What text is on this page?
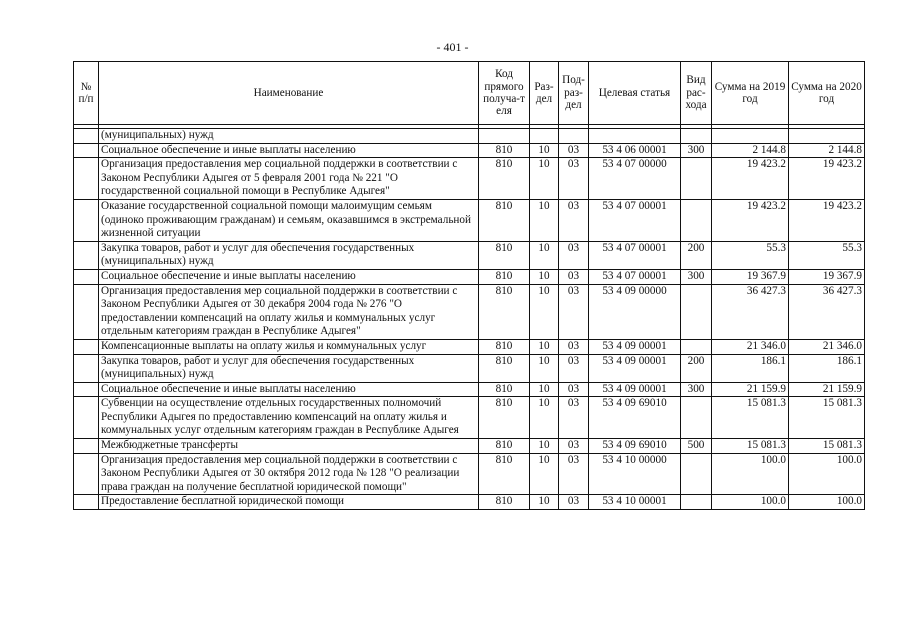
- 401 -
№ п/п	Наименование	Код прямого получа-т еля	Раз-дел	Под-раз-дел	Целевая статья	Вид рас-хода	Сумма на 2019 год	Сумма на 2020 год

	(муниципальных) нужд							
	Социальное обеспечение и иные выплаты населению	810	10	03	53 4 06 00001	300	2 144.8	2 144.8
	Организация предоставления мер социальной поддержки в соответствии с Законом Республики Адыгея от 5 февраля 2001 года № 221 "О государственной социальной помощи в Республике Адыгея"	810	10	03	53 4 07 00000		19 423.2	19 423.2
	Оказание государственной социальной помощи малоимущим семьям (одиноко проживающим гражданам) и семьям, оказавшимся в экстремальной жизненной ситуации	810	10	03	53 4 07 00001		19 423.2	19 423.2
	Закупка товаров, работ и услуг для обеспечения государственных (муниципальных) нужд	810	10	03	53 4 07 00001	200	55.3	55.3
	Социальное обеспечение и иные выплаты населению	810	10	03	53 4 07 00001	300	19 367.9	19 367.9
	Организация предоставления мер социальной поддержки в соответствии с Законом Республики Адыгея от 30 декабря 2004 года № 276 "О предоставлении компенсаций на оплату жилья и коммунальных услуг отдельным категориям граждан в Республике Адыгея"	810	10	03	53 4 09 00000		36 427.3	36 427.3
	Компенсационные выплаты на оплату жилья и коммунальных услуг	810	10	03	53 4 09 00001		21 346.0	21 346.0
	Закупка товаров, работ и услуг для обеспечения государственных (муниципальных) нужд	810	10	03	53 4 09 00001	200	186.1	186.1
	Социальное обеспечение и иные выплаты населению	810	10	03	53 4 09 00001	300	21 159.9	21 159.9
	Субвенции на осуществление отдельных государственных полномочий Республики Адыгея по предоставлению компенсаций на оплату жилья и коммунальных услуг отдельным категориям граждан в Республике Адыгея	810	10	03	53 4 09 69010		15 081.3	15 081.3
	Межбюджетные трансферты	810	10	03	53 4 09 69010	500	15 081.3	15 081.3
	Организация предоставления мер социальной поддержки в соответствии с Законом Республики Адыгея от 30 октября 2012 года № 128 "О реализации права граждан на получение бесплатной юридической помощи"	810	10	03	53 4 10 00000		100.0	100.0
	Предоставление бесплатной юридической помощи	810	10	03	53 4 10 00001		100.0	100.0
